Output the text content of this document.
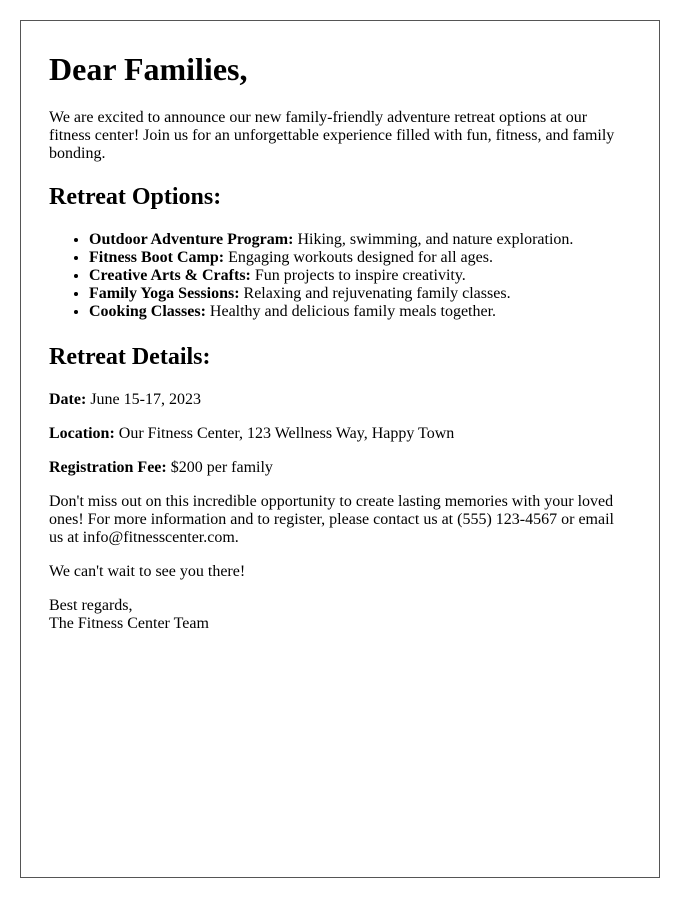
Dear Families,

We are excited to announce our new family-friendly adventure retreat options at our fitness center! Join us for an unforgettable experience filled with fun, fitness, and family bonding.

Retreat Options:
• Outdoor Adventure Program: Hiking, swimming, and nature exploration.
• Fitness Boot Camp: Engaging workouts designed for all ages.
• Creative Arts & Crafts: Fun projects to inspire creativity.
• Family Yoga Sessions: Relaxing and rejuvenating family classes.
• Cooking Classes: Healthy and delicious family meals together.
Retreat Details:

Date: June 15-17, 2023

Location: Our Fitness Center, 123 Wellness Way, Happy Town

Registration Fee: $200 per family

Don't miss out on this incredible opportunity to create lasting memories with your loved ones! For more information and to register, please contact us at (555) 123-4567 or email us at info@fitnesscenter.com.

We can't wait to see you there!

Best regards,
The Fitness Center Team
